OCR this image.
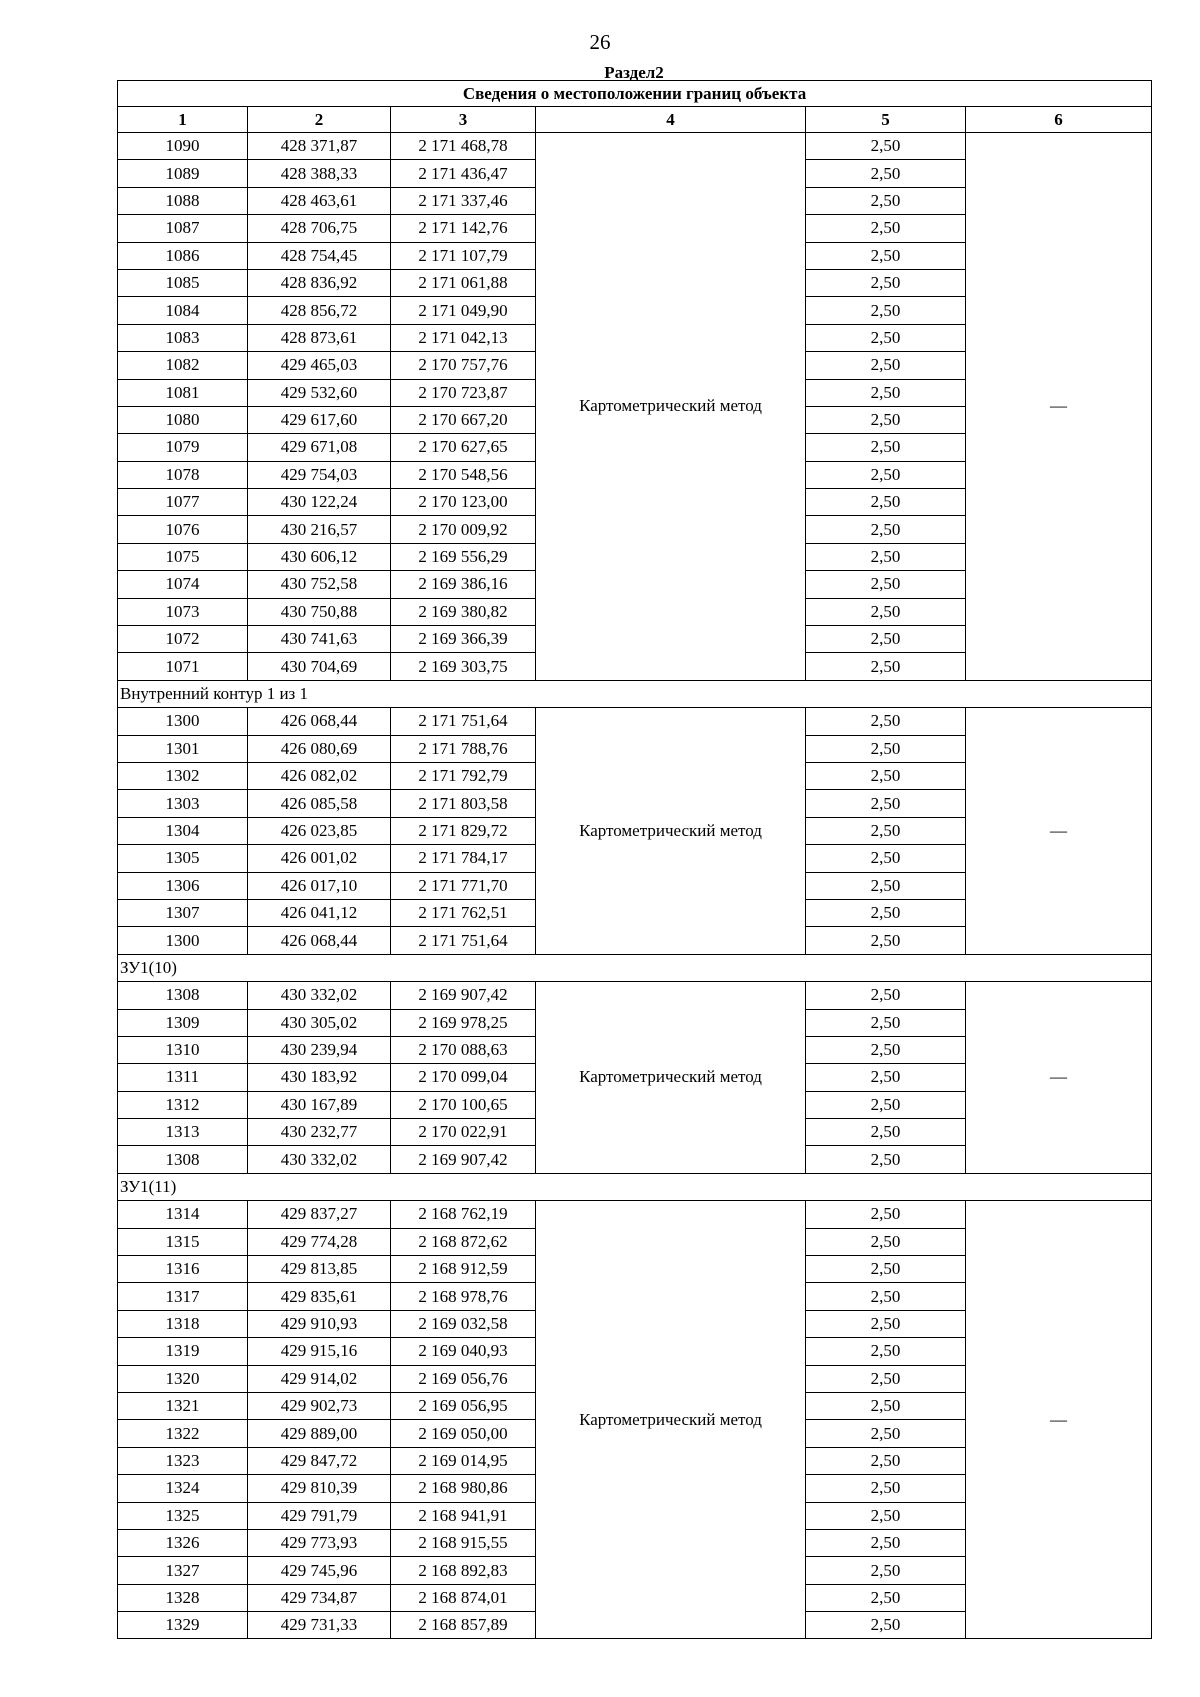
26
Раздел2
Сведения о местоположении границ объекта					
1	2	3	4	5	6
1090	428 371,87	2 171 468,78	Картометрический метод	2,50	—
1089	428 388,33	2 171 436,47		2,50	
1088	428 463,61	2 171 337,46		2,50	
1087	428 706,75	2 171 142,76		2,50	
1086	428 754,45	2 171 107,79		2,50	
1085	428 836,92	2 171 061,88		2,50	
1084	428 856,72	2 171 049,90		2,50	
1083	428 873,61	2 171 042,13		2,50	
1082	429 465,03	2 170 757,76		2,50	
1081	429 532,60	2 170 723,87		2,50	
1080	429 617,60	2 170 667,20		2,50	
1079	429 671,08	2 170 627,65		2,50	
1078	429 754,03	2 170 548,56		2,50	
1077	430 122,24	2 170 123,00		2,50	
1076	430 216,57	2 170 009,92		2,50	
1075	430 606,12	2 169 556,29		2,50	
1074	430 752,58	2 169 386,16		2,50	
1073	430 750,88	2 169 380,82		2,50	
1072	430 741,63	2 169 366,39		2,50	
1071	430 704,69	2 169 303,75		2,50	
Внутренний контур 1 из 1					
1300	426 068,44	2 171 751,64	Картометрический метод	2,50	—
1301	426 080,69	2 171 788,76		2,50	
1302	426 082,02	2 171 792,79		2,50	
1303	426 085,58	2 171 803,58		2,50	
1304	426 023,85	2 171 829,72		2,50	
1305	426 001,02	2 171 784,17		2,50	
1306	426 017,10	2 171 771,70		2,50	
1307	426 041,12	2 171 762,51		2,50	
1300	426 068,44	2 171 751,64		2,50	
ЗУ1(10)					
1308	430 332,02	2 169 907,42	Картометрический метод	2,50	—
1309	430 305,02	2 169 978,25		2,50	
1310	430 239,94	2 170 088,63		2,50	
1311	430 183,92	2 170 099,04		2,50	
1312	430 167,89	2 170 100,65		2,50	
1313	430 232,77	2 170 022,91		2,50	
1308	430 332,02	2 169 907,42		2,50	
ЗУ1(11)					
1314	429 837,27	2 168 762,19	Картометрический метод	2,50	—
1315	429 774,28	2 168 872,62		2,50	
1316	429 813,85	2 168 912,59		2,50	
1317	429 835,61	2 168 978,76		2,50	
1318	429 910,93	2 169 032,58		2,50	
1319	429 915,16	2 169 040,93		2,50	
1320	429 914,02	2 169 056,76		2,50	
1321	429 902,73	2 169 056,95		2,50	
1322	429 889,00	2 169 050,00		2,50	
1323	429 847,72	2 169 014,95		2,50	
1324	429 810,39	2 168 980,86		2,50	
1325	429 791,79	2 168 941,91		2,50	
1326	429 773,93	2 168 915,55		2,50	
1327	429 745,96	2 168 892,83		2,50	
1328	429 734,87	2 168 874,01		2,50	
1329	429 731,33	2 168 857,89		2,50	
